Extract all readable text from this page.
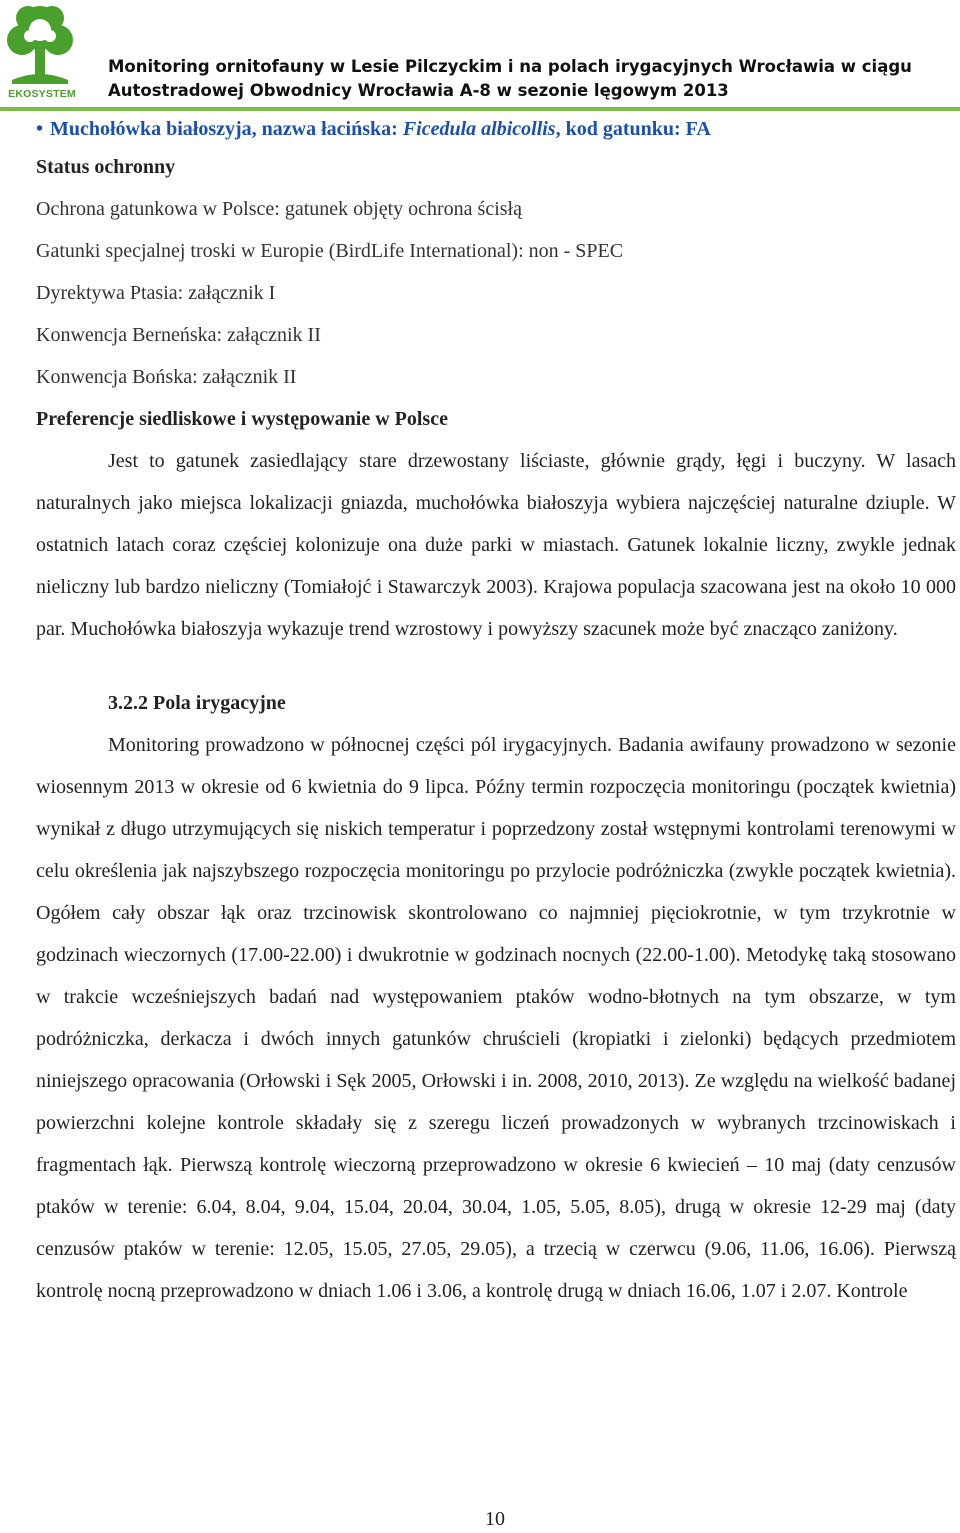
EKOSYSTEM
Monitoring ornitofauny w Lesie Pilczyckim i na polach irygacyjnych Wrocławia w ciągu
Autostradowej Obwodnicy Wrocławia A-8 w sezonie lęgowym 2013
• Muchołówka białoszyja, nazwa łacińska: Ficedula albicollis, kod gatunku: FA
Status ochronny
Ochrona gatunkowa w Polsce: gatunek objęty ochrona ścisłą
Gatunki specjalnej troski w Europie (BirdLife International): non - SPEC
Dyrektywa Ptasia: załącznik I
Konwencja Berneńska: załącznik II
Konwencja Bońska: załącznik II
Preferencje siedliskowe i występowanie w Polsce
Jest to gatunek zasiedlający stare drzewostany liściaste, głównie grądy, łęgi i buczyny. W lasach naturalnych jako miejsca lokalizacji gniazda, muchołówka białoszyja wybiera najczęściej naturalne dziuple. W ostatnich latach coraz częściej kolonizuje ona duże parki w miastach. Gatunek lokalnie liczny, zwykle jednak nieliczny lub bardzo nieliczny (Tomiałojć i Stawarczyk 2003). Krajowa populacja szacowana jest na około 10 000 par. Muchołówka białoszyja wykazuje trend wzrostowy i powyższy szacunek może być znacząco zaniżony.
3.2.2 Pola irygacyjne
Monitoring prowadzono w północnej części pól irygacyjnych. Badania awifauny prowadzono w sezonie wiosennym 2013 w okresie od 6 kwietnia do 9 lipca. Późny termin rozpoczęcia monitoringu (początek kwietnia) wynikał z długo utrzymujących się niskich temperatur i poprzedzony został wstępnymi kontrolami terenowymi w celu określenia jak najszybszego rozpoczęcia monitoringu po przylocie podróżniczka (zwykle początek kwietnia). Ogółem cały obszar łąk oraz trzcinowisk skontrolowano co najmniej pięciokrotnie, w tym trzykrotnie w godzinach wieczornych (17.00-22.00) i dwukrotnie w godzinach nocnych (22.00-1.00). Metodykę taką stosowano w trakcie wcześniejszych badań nad występowaniem ptaków wodno-błotnych na tym obszarze, w tym podróżniczka, derkacza i dwóch innych gatunków chruścieli (kropiatki i zielonki) będących przedmiotem niniejszego opracowania (Orłowski i Sęk 2005, Orłowski i in. 2008, 2010, 2013). Ze względu na wielkość badanej powierzchni kolejne kontrole składały się z szeregu liczeń prowadzonych w wybranych trzcinowiskach i fragmentach łąk. Pierwszą kontrolę wieczorną przeprowadzono w okresie 6 kwiecień – 10 maj (daty cenzusów ptaków w terenie: 6.04, 8.04, 9.04, 15.04, 20.04, 30.04, 1.05, 5.05, 8.05), drugą w okresie 12-29 maj (daty cenzusów ptaków w terenie: 12.05, 15.05, 27.05, 29.05), a trzecią w czerwcu (9.06, 11.06, 16.06). Pierwszą kontrolę nocną przeprowadzono w dniach 1.06 i 3.06, a kontrolę drugą w dniach 16.06, 1.07 i 2.07. Kontrole
10
